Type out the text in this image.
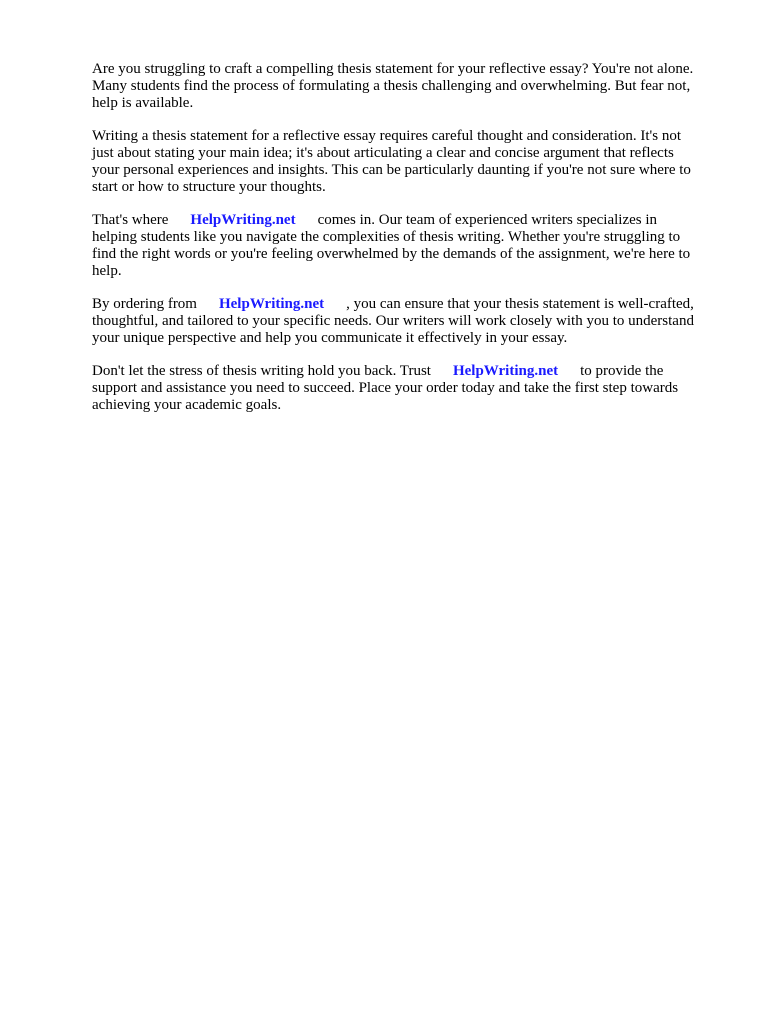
Are you struggling to craft a compelling thesis statement for your reflective essay? You're not alone.
Many students find the process of formulating a thesis challenging and overwhelming. But fear not,
help is available.

Writing a thesis statement for a reflective essay requires careful thought and consideration. It's not
just about stating your main idea; it's about articulating a clear and concise argument that reflects
your personal experiences and insights. This can be particularly daunting if you're not sure where to
start or how to structure your thoughts.

That's where HelpWriting.net comes in. Our team of experienced writers specializes in
helping students like you navigate the complexities of thesis writing. Whether you're struggling to
find the right words or you're feeling overwhelmed by the demands of the assignment, we're here to
help.

By ordering from HelpWriting.net , you can ensure that your thesis statement is well-crafted,
thoughtful, and tailored to your specific needs. Our writers will work closely with you to understand
your unique perspective and help you communicate it effectively in your essay.

Don't let the stress of thesis writing hold you back. Trust HelpWriting.net to provide the
support and assistance you need to succeed. Place your order today and take the first step towards
achieving your academic goals.
